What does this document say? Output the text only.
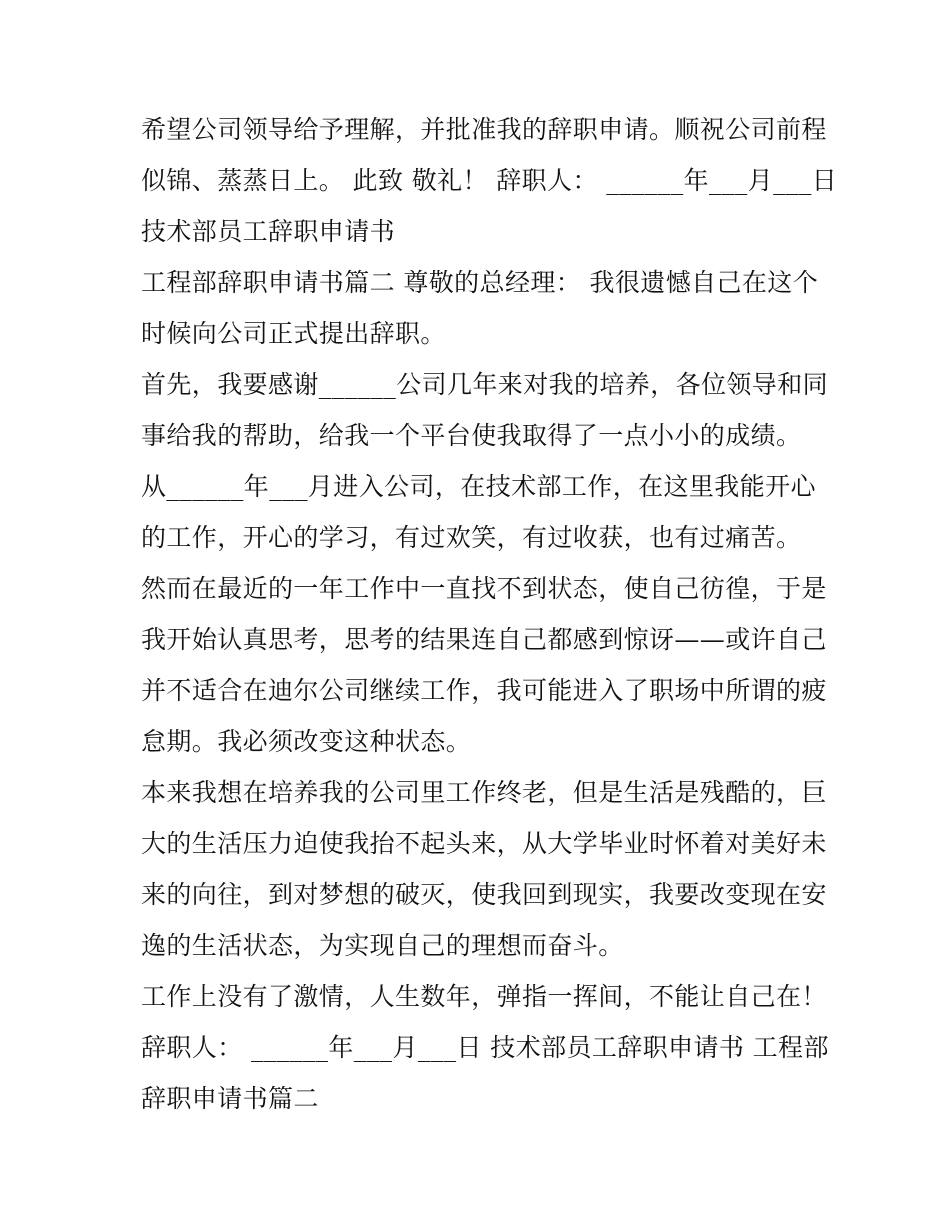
希望公司领导给予理解，并批准我的辞职申请。顺祝公司前程
似锦、蒸蒸日上。 此致 敬礼！ 辞职人： ______年___月___日
技术部员工辞职申请书
工程部辞职申请书篇二 尊敬的总经理： 我很遗憾自己在这个
时候向公司正式提出辞职。
首先，我要感谢______公司几年来对我的培养，各位领导和同
事给我的帮助，给我一个平台使我取得了一点小小的成绩。
从______年___月进入公司，在技术部工作，在这里我能开心
的工作，开心的学习，有过欢笑，有过收获，也有过痛苦。
然而在最近的一年工作中一直找不到状态，使自己彷徨，于是
我开始认真思考，思考的结果连自己都感到惊讶——或许自己
并不适合在迪尔公司继续工作，我可能进入了职场中所谓的疲
怠期。我必须改变这种状态。
本来我想在培养我的公司里工作终老，但是生活是残酷的，巨
大的生活压力迫使我抬不起头来，从大学毕业时怀着对美好未
来的向往，到对梦想的破灭，使我回到现实，我要改变现在安
逸的生活状态，为实现自己的理想而奋斗。
工作上没有了激情，人生数年，弹指一挥间，不能让自己在！
辞职人： ______年___月___日 技术部员工辞职申请书 工程部
辞职申请书篇二
